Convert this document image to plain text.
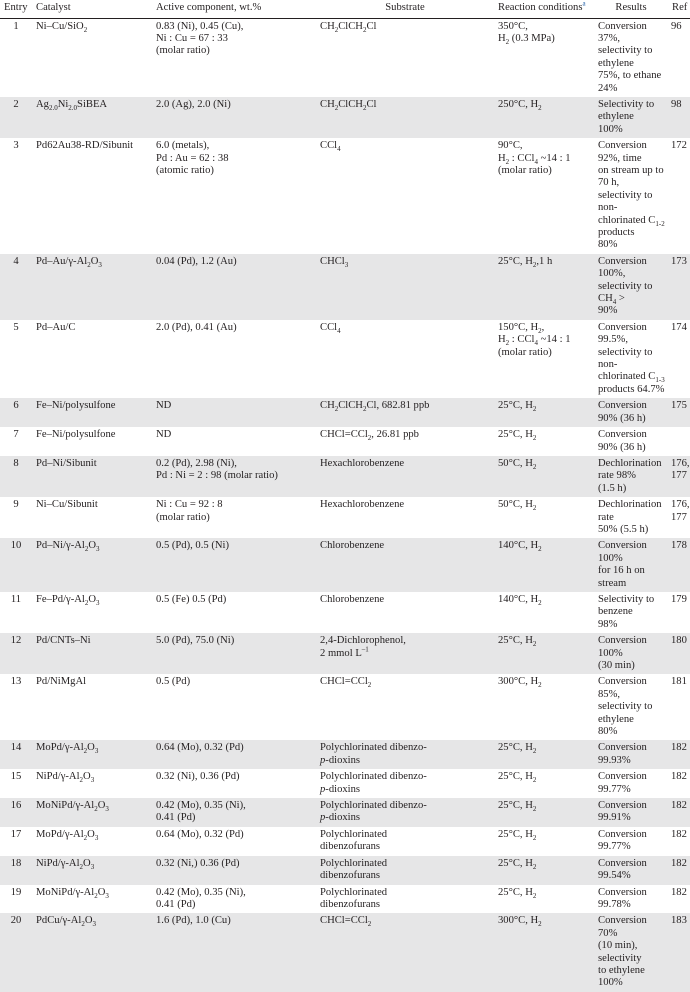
Entry	Catalyst	Active component, wt.%	Substrate	Reaction conditions$^a$	Results	Ref
1	Ni–Cu/SiO$_2$	0.83 (Ni), 0.45 (Cu),
Ni : Cu = 67 : 33
(molar ratio)	$CH_2ClCH_2Cl$	350°C,
$H_2$ (0.3 MPa)	Conversion 37%,
selectivity to ethylene
75%, to ethane 24%	96
2	$Ag_{2.0}Ni_{2.0}SiBEA$	2.0 (Ag), 2.0 (Ni)	$CH_2ClCH_2Cl$	250°C, $H_2$	Selectivity to ethylene
100%	98
3	Pd62Au38-RD/Sibunit	6.0 (metals),
Pd : Au = 62 : 38
(atomic ratio)	CCl$_4$	90°C,
$H_2$ : CCl$_4$ ~14 : 1
(molar ratio)	Conversion 92%, time
on stream up to 70 h,
selectivity to non-
chlorinated $C_{1-2}$ products
80%	172
4	$Pd-Au/\gamma-Al_2O_3$	0.04 (Pd), 1.2 (Au)	CHCl$_3$	25°C, $H_2,1$ h	Conversion 100%,
selectivity to $CH_4$ >
90%	173
5	Pd–Au/C	2.0 (Pd), 0.41 (Au)	CCl$_4$	150°C, $H_2$,
$H_2$ : CCl$_4$ ~14 : 1
(molar ratio)	Conversion 99.5%,
selectivity to non-
chlorinated $C_{1-3}$
products 64.7%	174
6	Fe–Ni/polysulfone	ND	$CH_2ClCH_2Cl$, 682.81 ppb	25°C, $H_2$	Conversion 90% (36 h)	175
7	Fe–Ni/polysulfone	ND	CHCl=CCl$_2$, 26.81 ppb	25°C, $H_2$	Conversion 90% (36 h)	
8	Pd–Ni/Sibunit	0.2 (Pd), 2.98 (Ni),
Pd : Ni = 2 : 98 (molar ratio)	Hexachlorobenzene	50°C, $H_2$	Dechlorination rate 98%
(1.5 h)	176,
177
9	Ni–Cu/Sibunit	Ni : Cu = 92 : 8
(molar ratio)	Hexachlorobenzene	50°C, $H_2$	Dechlorination rate
50% (5.5 h)	176,
177
10	$Pd-Ni/\gamma-Al_2O_3$	0.5 (Pd), 0.5 (Ni)	Chlorobenzene	140°C, $H_2$	Conversion 100%
for 16 h on stream	178
11	$Fe-Pd/\gamma-Al_2O_3$	0.5 (Fe) 0.5 (Pd)	Chlorobenzene	140°C, $H_2$	Selectivity to benzene
98%	179
12	Pd/CNTs–Ni	5.0 (Pd), 75.0 (Ni)	2,4-Dichlorophenol,
2 mmol $L^{-1}$	25°C, $H_2$	Conversion 100%
(30 min)	180
13	Pd/NiMgAl	0.5 (Pd)	CHCl=CCl$_2$	300°C, $H_2$	Conversion 85%,
selectivity to ethylene
80%	181
14	MoPd/$\gamma-Al_2O_3$	0.64 (Mo), 0.32 (Pd)	Polychlorinated dibenzo-
p-dioxins	25°C, $H_2$	Conversion 99.93%	182
15	NiPd/$\gamma-Al_2O_3$	0.32 (Ni), 0.36 (Pd)	Polychlorinated dibenzo-
p-dioxins	25°C, $H_2$	Conversion 99.77%	182
16	MoNiPd/$\gamma-Al_2O_3$	0.42 (Mo), 0.35 (Ni),
0.41 (Pd)	Polychlorinated dibenzo-
p-dioxins	25°C, $H_2$	Conversion 99.91%	182
17	MoPd/$\gamma-Al_2O_3$	0.64 (Mo), 0.32 (Pd)	Polychlorinated
dibenzofurans	25°C, $H_2$	Conversion 99.77%	182
18	NiPd/$\gamma-Al_2O_3$	0.32 (Ni,) 0.36 (Pd)	Polychlorinated
dibenzofurans	25°C, $H_2$	Conversion 99.54%	182
19	MoNiPd/$\gamma-Al_2O_3$	0.42 (Mo), 0.35 (Ni),
0.41 (Pd)	Polychlorinated
dibenzofurans	25°C, $H_2$	Conversion 99.78%	182
20	PdCu/$\gamma-Al_2O_3$	1.6 (Pd), 1.0 (Cu)	CHCl=CCl$_2$	300°C, $H_2$	Conversion 70%
(10 min), selectivity
to ethylene 100%	183
